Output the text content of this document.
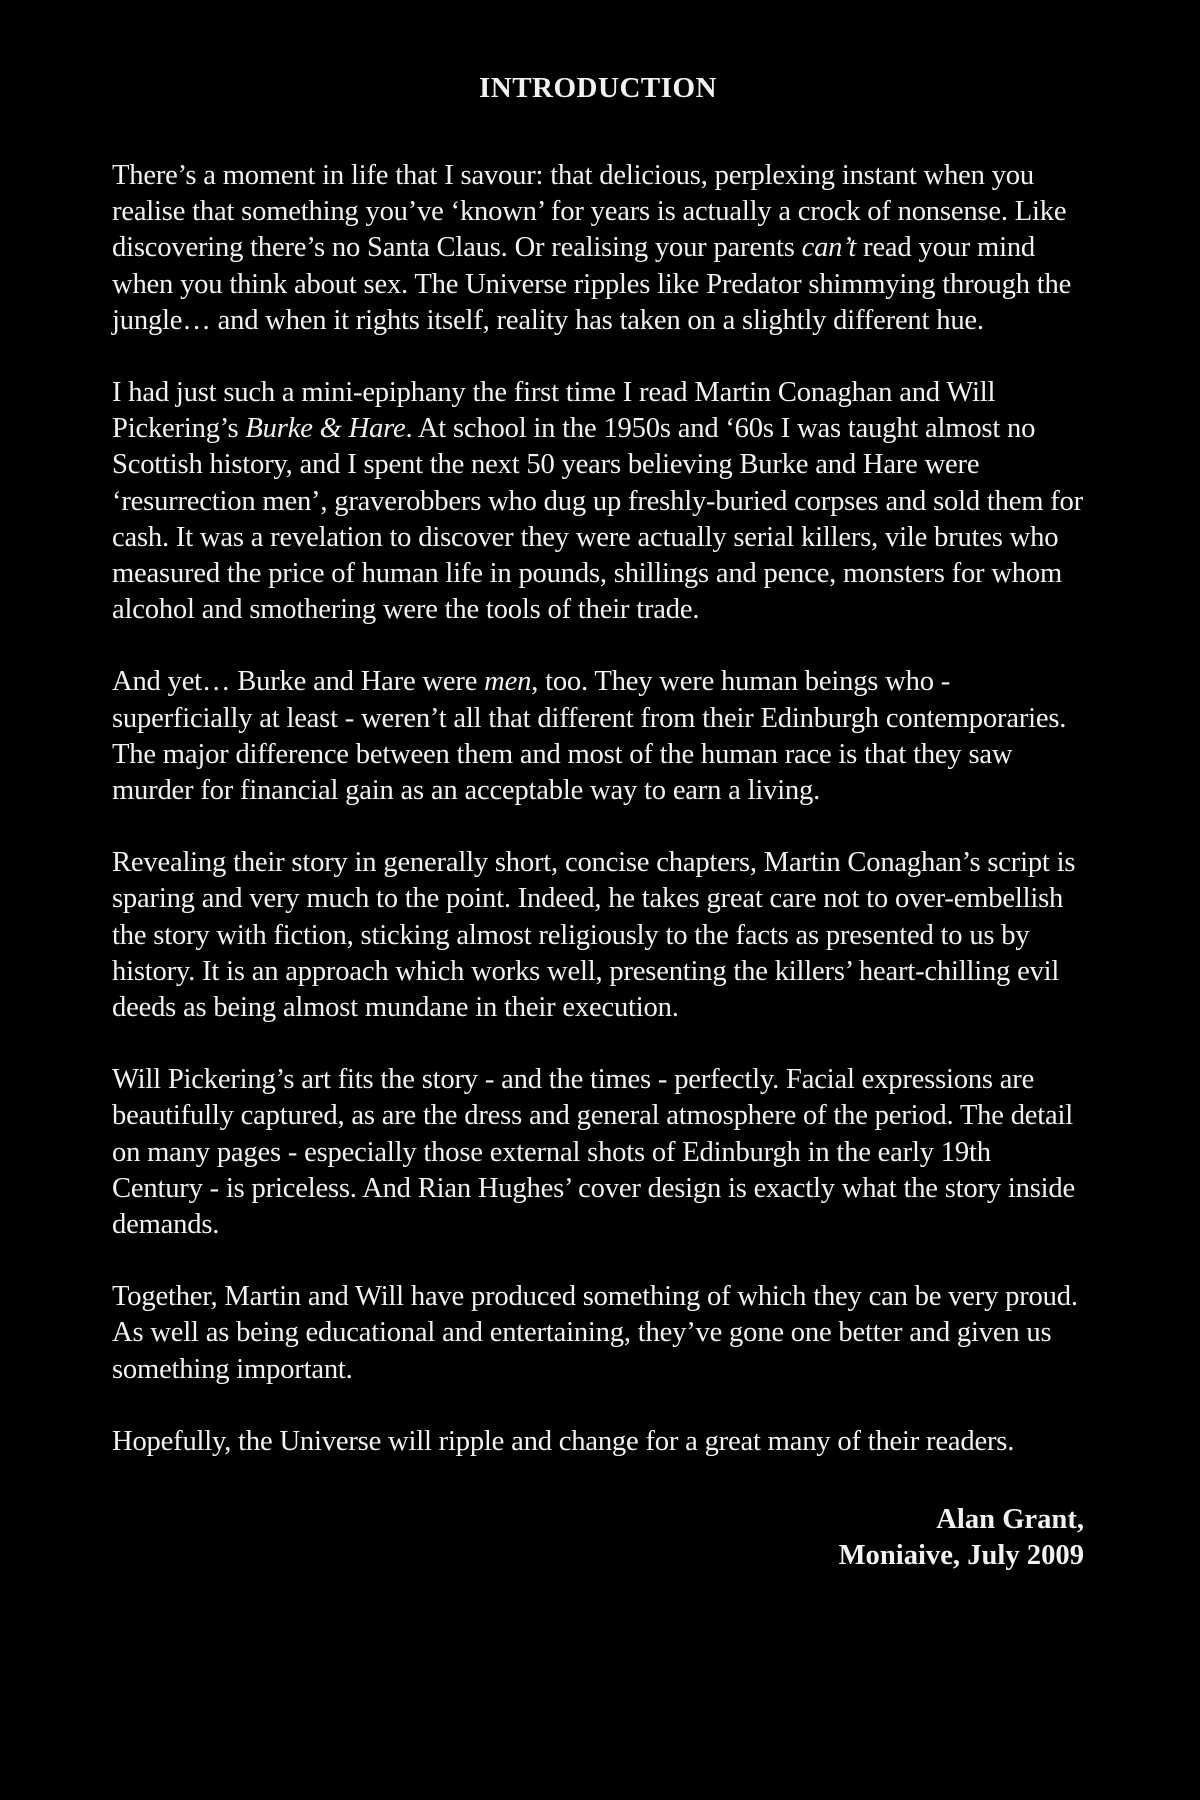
INTRODUCTION

There’s a moment in life that I savour: that delicious, perplexing instant when you realise that something you’ve ‘known’ for years is actually a crock of nonsense. Like discovering there’s no Santa Claus. Or realising your parents can’t read your mind when you think about sex. The Universe ripples like Predator shimmying through the jungle… and when it rights itself, reality has taken on a slightly different hue.

I had just such a mini-epiphany the first time I read Martin Conaghan and Will Pickering’s Burke & Hare. At school in the 1950s and ‘60s I was taught almost no Scottish history, and I spent the next 50 years believing Burke and Hare were ‘resurrection men’, graverobbers who dug up freshly-buried corpses and sold them for cash. It was a revelation to discover they were actually serial killers, vile brutes who measured the price of human life in pounds, shillings and pence, monsters for whom alcohol and smothering were the tools of their trade.

And yet… Burke and Hare were men, too. They were human beings who - superficially at least - weren’t all that different from their Edinburgh contemporaries. The major difference between them and most of the human race is that they saw murder for financial gain as an acceptable way to earn a living.

Revealing their story in generally short, concise chapters, Martin Conaghan’s script is sparing and very much to the point. Indeed, he takes great care not to over-embellish the story with fiction, sticking almost religiously to the facts as presented to us by history. It is an approach which works well, presenting the killers’ heart-chilling evil deeds as being almost mundane in their execution.

Will Pickering’s art fits the story - and the times - perfectly. Facial expressions are beautifully captured, as are the dress and general atmosphere of the period. The detail on many pages - especially those external shots of Edinburgh in the early 19th Century - is priceless. And Rian Hughes’ cover design is exactly what the story inside demands.

Together, Martin and Will have produced something of which they can be very proud. As well as being educational and entertaining, they’ve gone one better and given us something important.

Hopefully, the Universe will ripple and change for a great many of their readers.

Alan Grant,
Moniaive, July 2009
